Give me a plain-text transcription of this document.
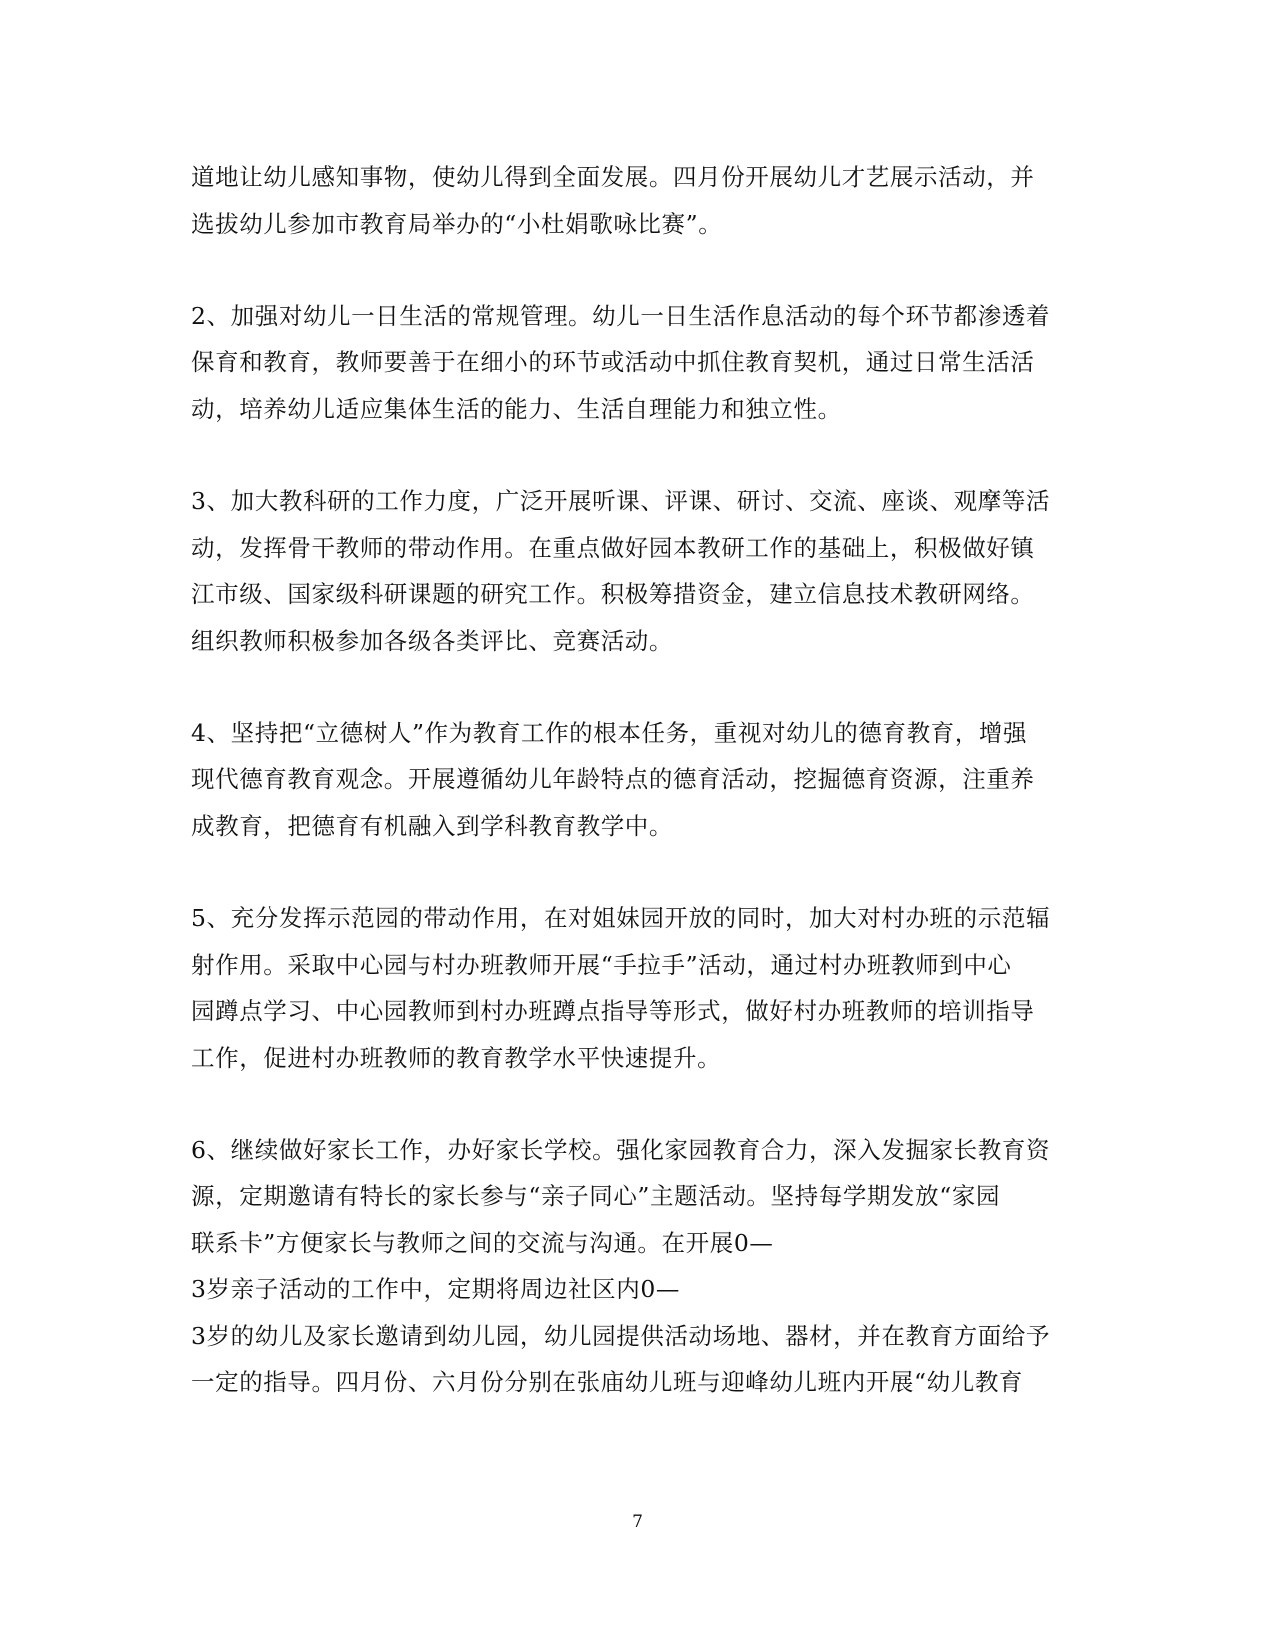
道地让幼儿感知事物，使幼儿得到全面发展。四月份开展幼儿才艺展示活动，并
选拔幼儿参加市教育局举办的“小杜娟歌咏比赛”。
2、加强对幼儿一日生活的常规管理。幼儿一日生活作息活动的每个环节都渗透着
保育和教育，教师要善于在细小的环节或活动中抓住教育契机，通过日常生活活
动，培养幼儿适应集体生活的能力、生活自理能力和独立性。
3、加大教科研的工作力度，广泛开展听课、评课、研讨、交流、座谈、观摩等活
动，发挥骨干教师的带动作用。在重点做好园本教研工作的基础上，积极做好镇
江市级、国家级科研课题的研究工作。积极筹措资金，建立信息技术教研网络。
组织教师积极参加各级各类评比、竞赛活动。
4、坚持把“立德树人”作为教育工作的根本任务，重视对幼儿的德育教育，增强
现代德育教育观念。开展遵循幼儿年龄特点的德育活动，挖掘德育资源，注重养
成教育，把德育有机融入到学科教育教学中。
5、充分发挥示范园的带动作用，在对姐妹园开放的同时，加大对村办班的示范辐
射作用。采取中心园与村办班教师开展“手拉手”活动，通过村办班教师到中心
园蹲点学习、中心园教师到村办班蹲点指导等形式，做好村办班教师的培训指导
工作，促进村办班教师的教育教学水平快速提升。
6、继续做好家长工作，办好家长学校。强化家园教育合力，深入发掘家长教育资
源，定期邀请有特长的家长参与“亲子同心”主题活动。坚持每学期发放“家园
联系卡”方便家长与教师之间的交流与沟通。在开展0—
3岁亲子活动的工作中，定期将周边社区内0—
3岁的幼儿及家长邀请到幼儿园，幼儿园提供活动场地、器材，并在教育方面给予
一定的指导。四月份、六月份分别在张庙幼儿班与迎峰幼儿班内开展“幼儿教育
7
